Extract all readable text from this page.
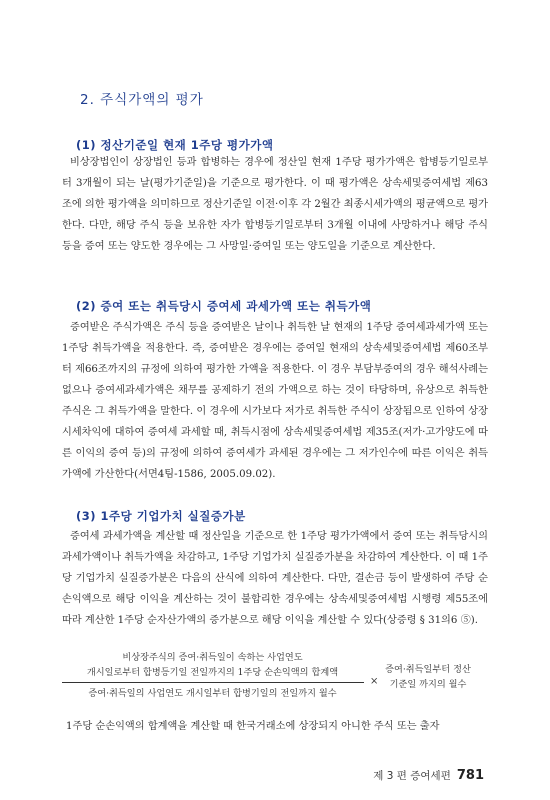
2. 주식가액의 평가
(1) 정산기준일 현재 1주당 평가가액
비상장법인이 상장법인 등과 합병하는 경우에 정산일 현재 1주당 평가가액은 합병등기일로부터 3개월이 되는 날(평가기준일)을 기준으로 평가한다. 이 때 평가액은 상속세및증여세법 제63조에 의한 평가액을 의미하므로 정산기준일 이전·이후 각 2월간 최종시세가액의 평균액으로 평가한다. 다만, 해당 주식 등을 보유한 자가 합병등기일로부터 3개월 이내에 사망하거나 해당 주식 등을 증여 또는 양도한 경우에는 그 사망일·증여일 또는 양도일을 기준으로 계산한다.
(2) 증여 또는 취득당시 증여세 과세가액 또는 취득가액
증여받은 주식가액은 주식 등을 증여받은 날이나 취득한 날 현재의 1주당 증여세과세가액 또는 1주당 취득가액을 적용한다. 즉, 증여받은 경우에는 증여일 현재의 상속세및증여세법 제60조부터 제66조까지의 규정에 의하여 평가한 가액을 적용한다. 이 경우 부담부증여의 경우 해석사례는 없으나 증여세과세가액은 채무를 공제하기 전의 가액으로 하는 것이 타당하며, 유상으로 취득한 주식은 그 취득가액을 말한다. 이 경우에 시가보다 저가로 취득한 주식이 상장됨으로 인하여 상장시세차익에 대하여 증여세 과세할 때, 취득시점에 상속세및증여세법 제35조(저가·고가양도에 따른 이익의 증여 등)의 규정에 의하여 증여세가 과세된 경우에는 그 저가인수에 따른 이익은 취득가액에 가산한다(서면4팀-1586, 2005.09.02).
(3) 1주당 기업가치 실질증가분
증여세 과세가액을 계산할 때 정산일을 기준으로 한 1주당 평가가액에서 증여 또는 취득당시의 과세가액이나 취득가액을 차감하고, 1주당 기업가치 실질증가분을 차감하여 계산한다. 이 때 1주당 기업가치 실질증가분은 다음의 산식에 의하여 계산한다. 다만, 결손금 등이 발생하여 주당 순손익액으로 해당 이익을 계산하는 것이 불합리한 경우에는 상속세및증여세법 시행령 제55조에 따라 계산한 1주당 순자산가액의 증가분으로 해당 이익을 계산할 수 있다(상증령 § 31의6 ⑤).
비상장주식의 증여·취득일이 속하는 사업연도
개시일로부터 합병등기일 전일까지의 1주당 순손익액의 합계액
증여·취득일의 사업연도 개시일부터 합병기일의 전일까지 월수
×
증여·취득일부터 정산
기준일 까지의 월수
1주당 순손익액의 합계액을 계산할 때 한국거래소에 상장되지 아니한 주식 또는 출자
제 3 편 증여세편 781
